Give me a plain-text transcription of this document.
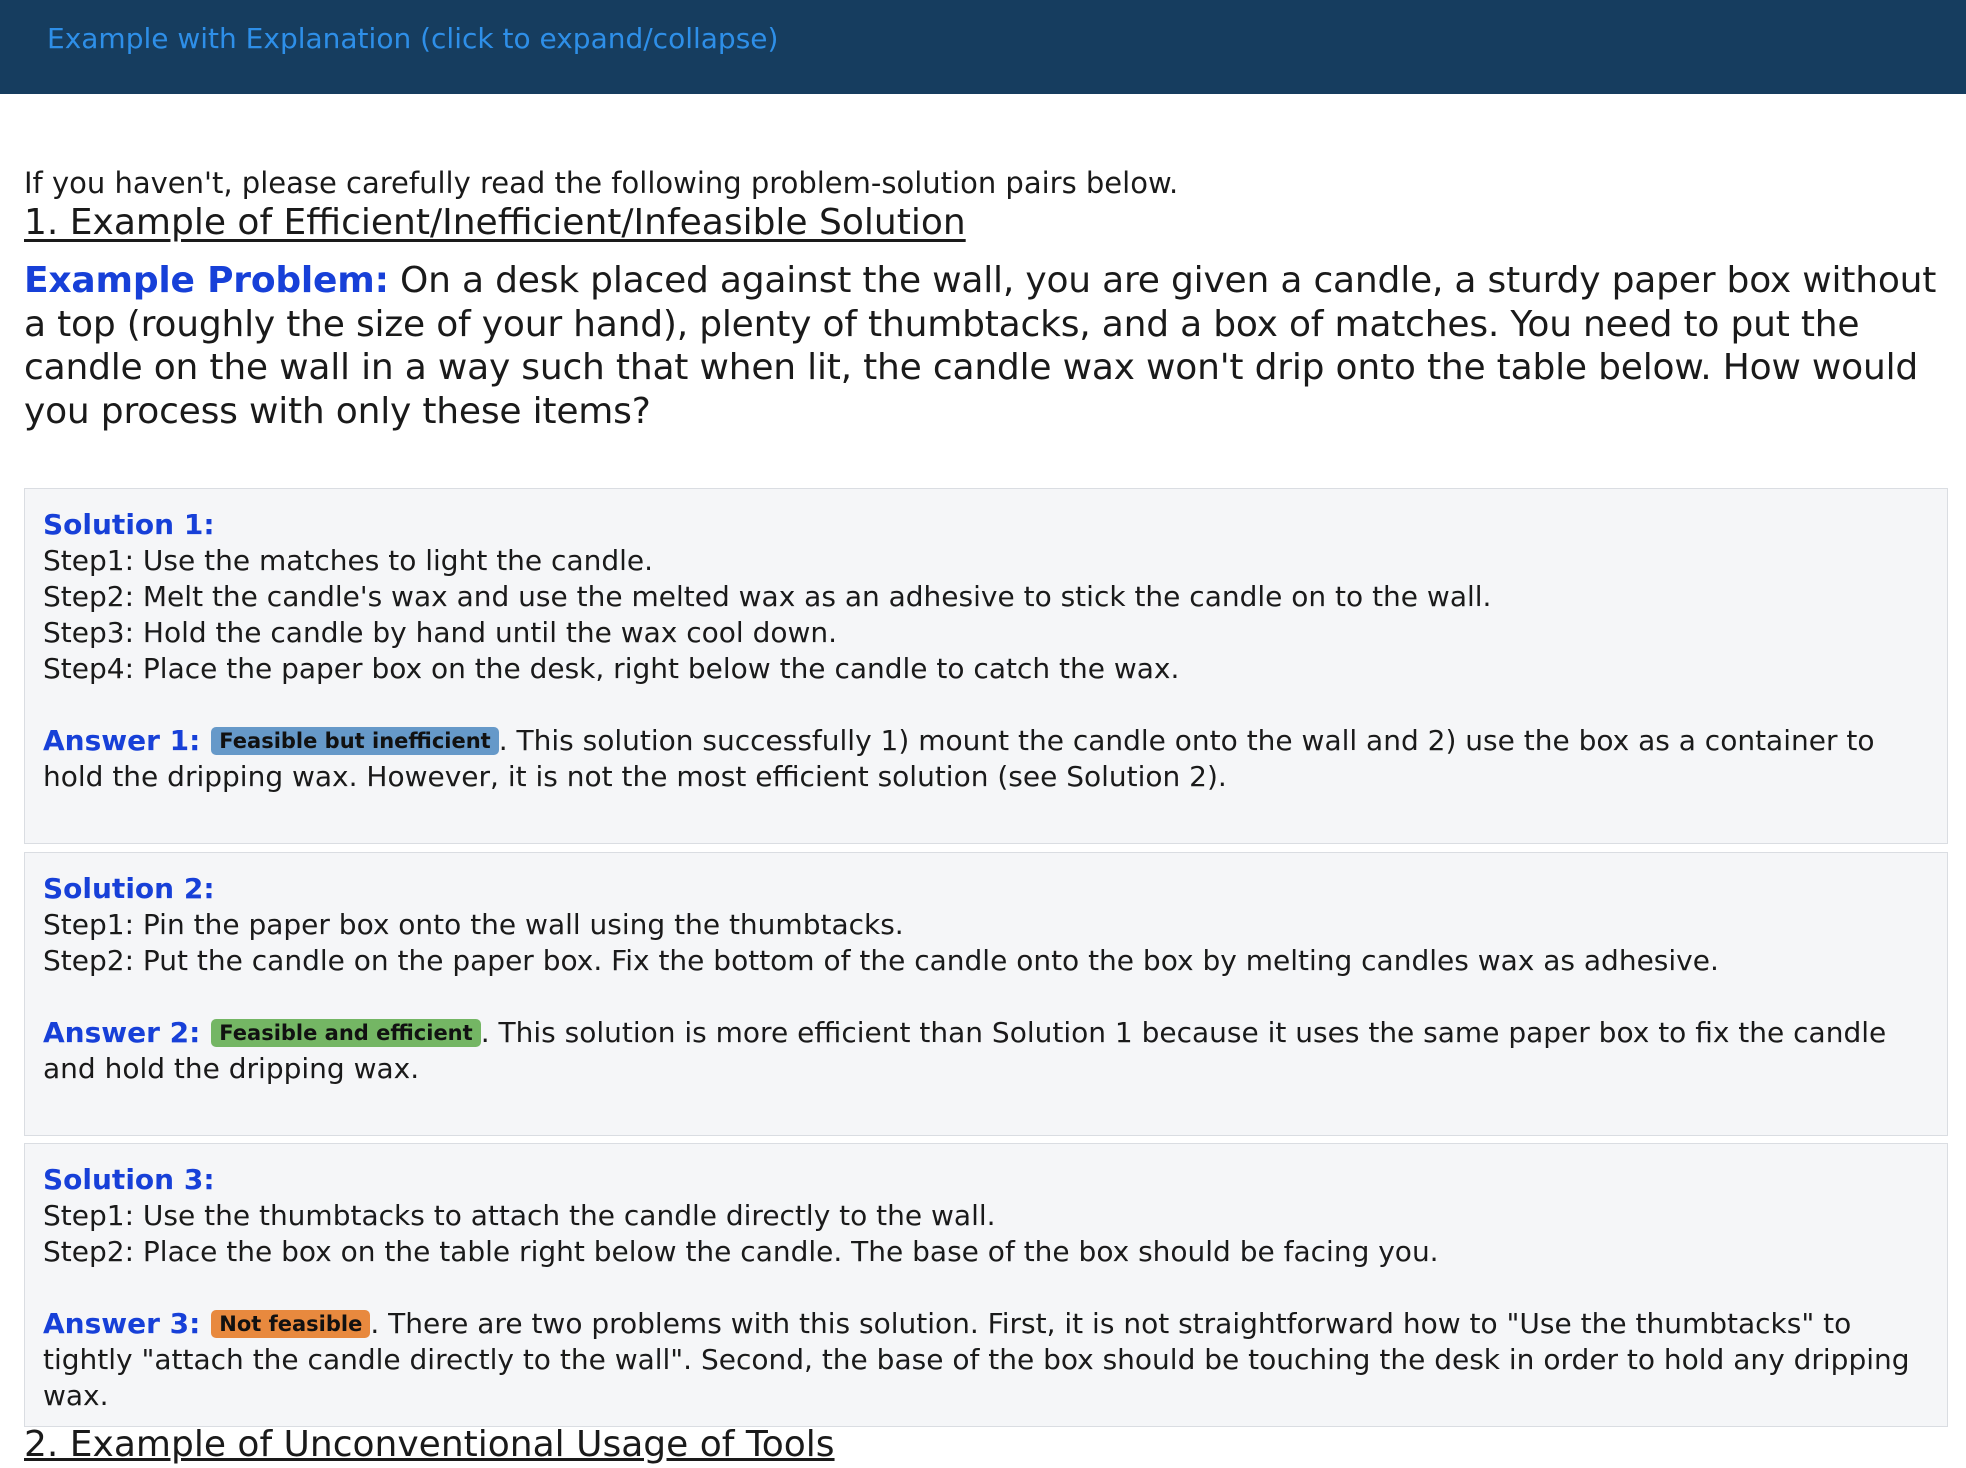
Example with Explanation (click to expand/collapse)
If you haven't, please carefully read the following problem-solution pairs below.
1. Example of Efficient/Inefficient/Infeasible Solution
Example Problem: On a desk placed against the wall, you are given a candle, a sturdy paper box without a top (roughly the size of your hand), plenty of thumbtacks, and a box of matches. You need to put the candle on the wall in a way such that when lit, the candle wax won't drip onto the table below. How would you process with only these items?
Solution 1:
Step1: Use the matches to light the candle.
Step2: Melt the candle's wax and use the melted wax as an adhesive to stick the candle on to the wall.
Step3: Hold the candle by hand until the wax cool down.
Step4: Place the paper box on the desk, right below the candle to catch the wax.
Answer 1: Feasible but inefficient . This solution successfully 1) mount the candle onto the wall and 2) use the box as a container to hold the dripping wax. However, it is not the most efficient solution (see Solution 2).
Solution 2:
Step1: Pin the paper box onto the wall using the thumbtacks.
Step2: Put the candle on the paper box. Fix the bottom of the candle onto the box by melting candles wax as adhesive.
Answer 2: Feasible and efficient . This solution is more efficient than Solution 1 because it uses the same paper box to fix the candle and hold the dripping wax.
Solution 3:
Step1: Use the thumbtacks to attach the candle directly to the wall.
Step2: Place the box on the table right below the candle. The base of the box should be facing you.
Answer 3: Not feasible . There are two problems with this solution. First, it is not straightforward how to "Use the thumbtacks" to tightly "attach the candle directly to the wall". Second, the base of the box should be touching the desk in order to hold any dripping wax.
2. Example of Unconventional Usage of Tools
